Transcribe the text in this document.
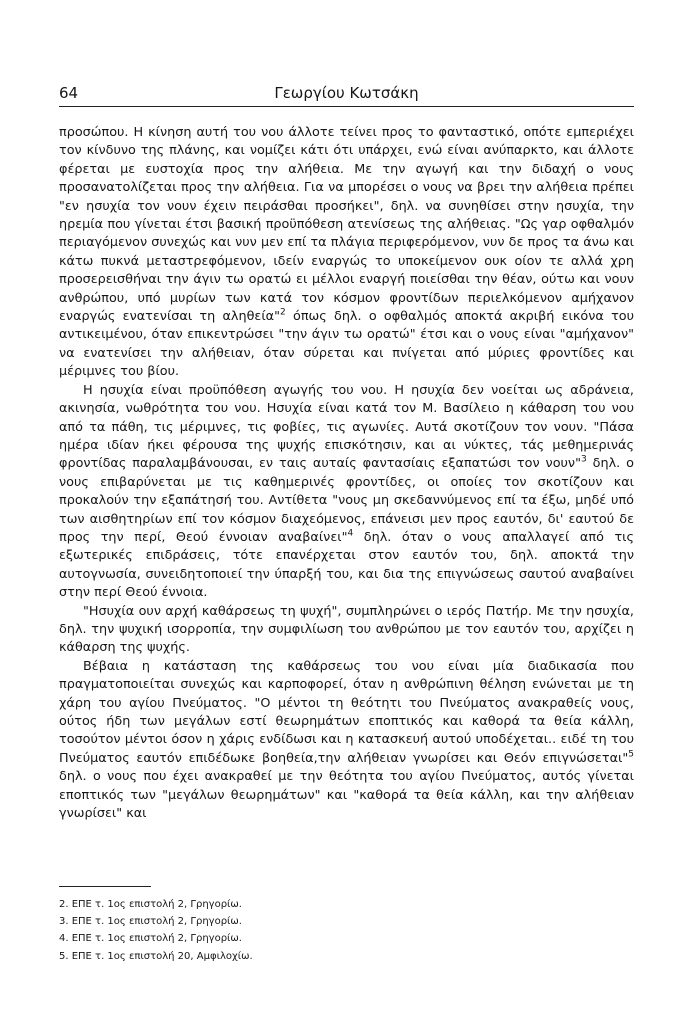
64	Γεωργίου Κωτσάκη

προσώπου. Η κίνηση αυτή του νου άλλοτε τείνει προς το φανταστικό, οπότε εμπεριέχει τον κίνδυνο της πλάνης, και νομίζει κάτι ότι υπάρχει, ενώ είναι ανύπαρκτο, και άλλοτε φέρεται με ευστοχία προς την αλήθεια. Με την αγωγή και την διδαχή ο νους προσανατολίζεται προς την αλήθεια. Για να μπορέσει ο νους να βρει την αλήθεια πρέπει "εν ησυχία τον νουν έχειν πειράσθαι προσήκει", δηλ. να συνηθίσει στην ησυχία, την ηρεμία που γίνεται έτσι βασική προϋπόθεση ατενίσεως της αλήθειας. "Ως γαρ οφθαλμόν περιαγόμενον συνεχώς και νυν μεν επί τα πλάγια περιφερόμενον, νυν δε προς τα άνω και κάτω πυκνά μεταστρεφόμενον, ιδείν εναργώς το υποκείμενον ουκ οίον τε αλλά χρη προσερεισθήναι την άγιν τω ορατώ ει μέλλοι εναργή ποιείσθαι την θέαν, ούτω και νουν ανθρώπου, υπό μυρίων των κατά τον κόσμον φροντίδων περιελκόμενον αμήχανον εναργώς ενατενίσαι τη αληθεία"$^2$ όπως δηλ. ο οφθαλμός αποκτά ακριβή εικόνα του αντικειμένου, όταν επικεντρώσει "την άγιν τω ορατώ" έτσι και ο νους είναι "αμήχανον" να ενατενίσει την αλήθειαν, όταν σύρεται και πνίγεται από μύριες φροντίδες και μέριμνες του βίου.

Η ησυχία είναι προϋπόθεση αγωγής του νου. Η ησυχία δεν νοείται ως αδράνεια, ακινησία, νωθρότητα του νου. Ησυχία είναι κατά τον Μ. Βασίλειο η κάθαρση του νου από τα πάθη, τις μέριμνες, τις φοβίες, τις αγωνίες. Αυτά σκοτίζουν τον νουν. "Πάσα ημέρα ιδίαν ήκει φέρουσα της ψυχής επισκότησιν, και αι νύκτες, τάς μεθημερινάς φροντίδας παραλαμβάνουσαι, εν ταις αυταίς φαντασίαις εξαπατώσι τον νουν"$^3$ δηλ. ο νους επιβαρύνεται με τις καθημερινές φροντίδες, οι οποίες τον σκοτίζουν και προκαλούν την εξαπάτησή του. Αντίθετα "νους μη σκεδαννύμενος επί τα έξω, μηδέ υπό των αισθητηρίων επί τον κόσμον διαχεόμενος, επάνεισι μεν προς εαυτόν, δι' εαυτού δε προς την περί, Θεού έννοιαν αναβαίνει"$^4$ δηλ. όταν ο νους απαλλαγεί από τις εξωτερικές επιδράσεις, τότε επανέρχεται στον εαυτόν του, δηλ. αποκτά την αυτογνωσία, συνειδητοποιεί την ύπαρξή του, και δια της επιγνώσεως σαυτού αναβαίνει στην περί Θεού έννοια.

"Ησυχία ουν αρχή καθάρσεως τη ψυχή", συμπληρώνει ο ιερός Πατήρ. Με την ησυχία, δηλ. την ψυχική ισορροπία, την συμφιλίωση του ανθρώπου με τον εαυτόν του, αρχίζει η κάθαρση της ψυχής.

Βέβαια η κατάσταση της καθάρσεως του νου είναι μία διαδικασία που πραγματοποιείται συνεχώς και καρποφορεί, όταν η ανθρώπινη θέληση ενώνεται με τη χάρη του αγίου Πνεύματος. "Ο μέντοι τη θεότητι του Πνεύματος ανακραθείς νους, ούτος ήδη των μεγάλων εστί θεωρημάτων εποπτικός και καθορά τα θεία κάλλη, τοσούτον μέντοι όσον η χάρις ενδίδωσι και η κατασκευή αυτού υποδέχεται.. ειδέ τη του Πνεύματος εαυτόν επιδέδωκε βοηθεία,την αλήθειαν γνωρίσει και Θεόν επιγνώσεται"$^5$ δηλ. ο νους που έχει ανακραθεί με την θεότητα του αγίου Πνεύματος, αυτός γίνεται εποπτικός των "μεγάλων θεωρημάτων" και "καθορά τα θεία κάλλη, και την αλήθειαν γνωρίσει" και

2. ΕΠΕ τ. 1ος επιστολή 2, Γρηγορίω.

3. ΕΠΕ τ. 1ος επιστολή 2, Γρηγορίω.

4. ΕΠΕ τ. 1ος επιστολή 2, Γρηγορίω.

5. ΕΠΕ τ. 1ος επιστολή 20, Αμφιλοχίω.
